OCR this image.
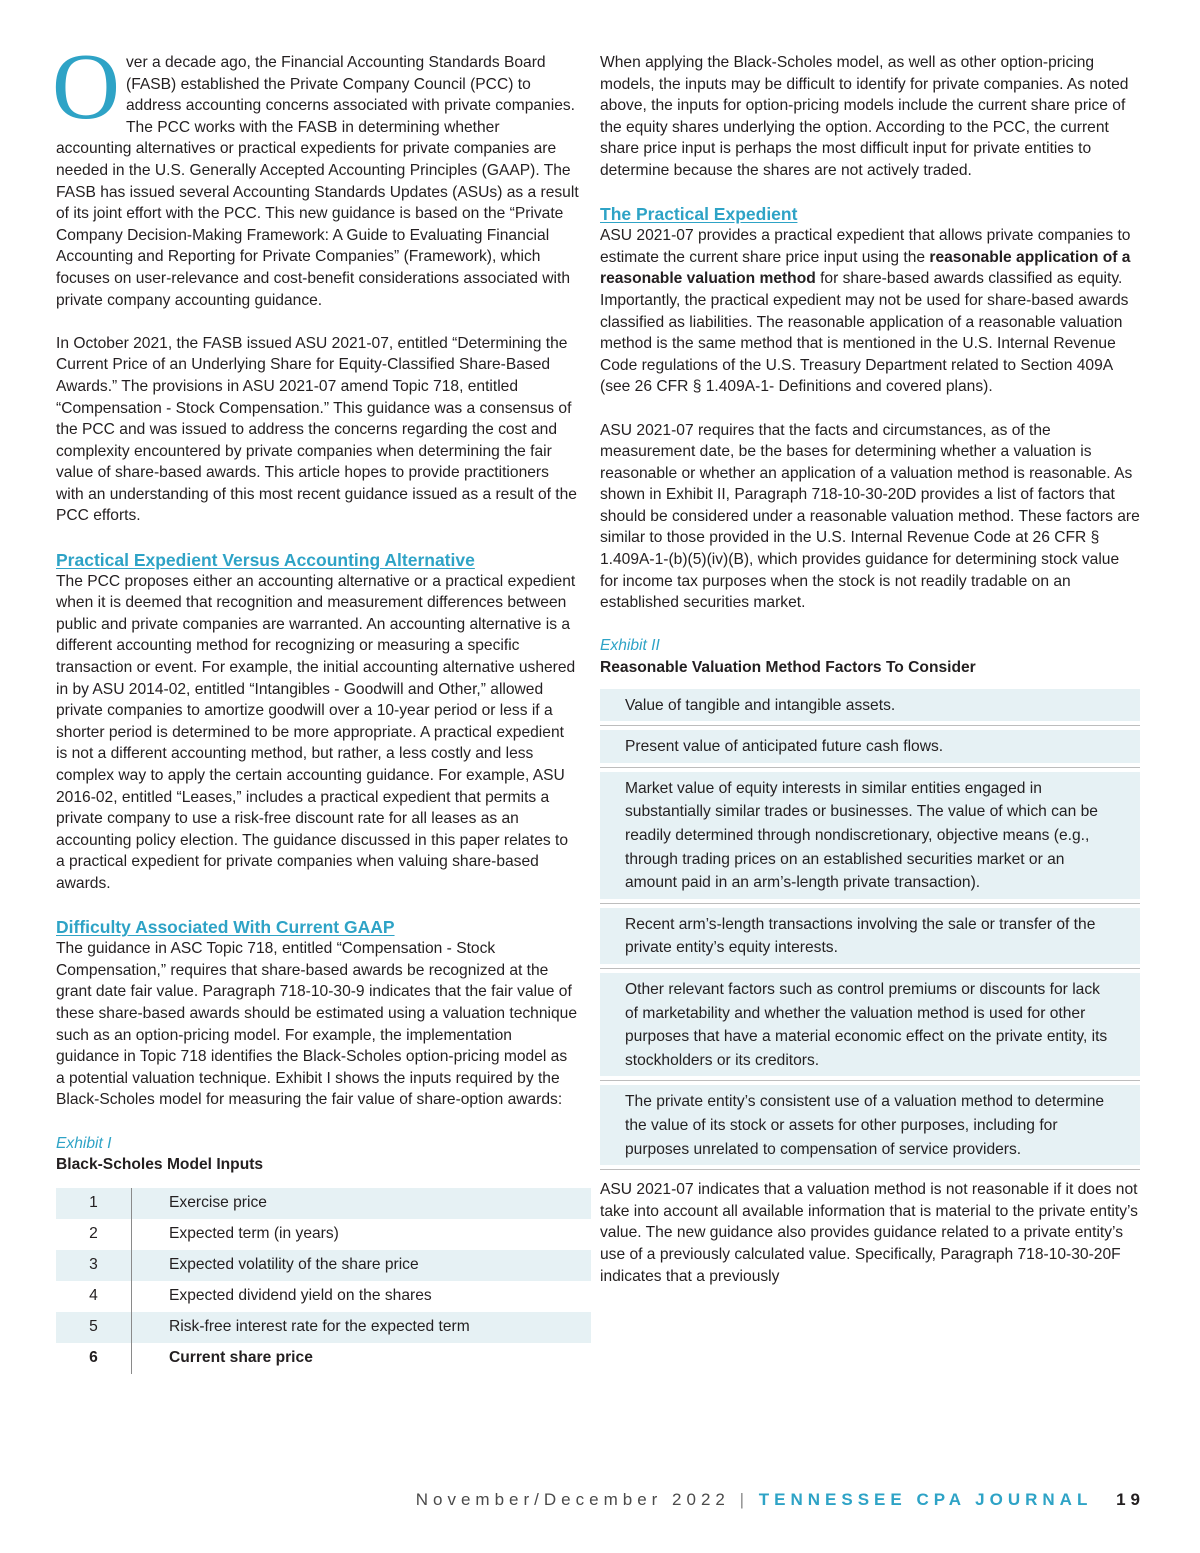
O ver a decade ago, the Financial Accounting Standards Board (FASB) established the Private Company Council (PCC) to address accounting concerns associated with private companies. The PCC works with the FASB in determining whether accounting alternatives or practical expedients for private companies are needed in the U.S. Generally Accepted Accounting Principles (GAAP). The FASB has issued several Accounting Standards Updates (ASUs) as a result of its joint effort with the PCC. This new guidance is based on the “Private Company Decision-Making Framework: A Guide to Evaluating Financial Accounting and Reporting for Private Companies” (Framework), which focuses on user-relevance and cost-benefit considerations associated with private company accounting guidance.

In October 2021, the FASB issued ASU 2021-07, entitled “Determining the Current Price of an Underlying Share for Equity-Classified Share-Based Awards.” The provisions in ASU 2021-07 amend Topic 718, entitled “Compensation - Stock Compensation.” This guidance was a consensus of the PCC and was issued to address the concerns regarding the cost and complexity encountered by private companies when determining the fair value of share-based awards. This article hopes to provide practitioners with an understanding of this most recent guidance issued as a result of the PCC efforts.

Practical Expedient Versus Accounting Alternative

The PCC proposes either an accounting alternative or a practical expedient when it is deemed that recognition and measurement differences between public and private companies are warranted. An accounting alternative is a different accounting method for recognizing or measuring a specific transaction or event. For example, the initial accounting alternative ushered in by ASU 2014-02, entitled “Intangibles - Goodwill and Other,” allowed private companies to amortize goodwill over a 10-year period or less if a shorter period is determined to be more appropriate. A practical expedient is not a different accounting method, but rather, a less costly and less complex way to apply the certain accounting guidance. For example, ASU 2016-02, entitled “Leases,” includes a practical expedient that permits a private company to use a risk-free discount rate for all leases as an accounting policy election. The guidance discussed in this paper relates to a practical expedient for private companies when valuing share-based awards.

Difficulty Associated With Current GAAP

The guidance in ASC Topic 718, entitled “Compensation - Stock Compensation,” requires that share-based awards be recognized at the grant date fair value. Paragraph 718-10-30-9 indicates that the fair value of these share-based awards should be estimated using a valuation technique such as an option-pricing model. For example, the implementation guidance in Topic 718 identifies the Black-Scholes option-pricing model as a potential valuation technique. Exhibit I shows the inputs required by the Black-Scholes model for measuring the fair value of share-option awards:

Exhibit I
Black-Scholes Model Inputs
1	Exercise price
2	Expected term (in years)
3	Expected volatility of the share price
4	Expected dividend yield on the shares
5	Risk-free interest rate for the expected term
6	Current share price

When applying the Black-Scholes model, as well as other option-pricing models, the inputs may be difficult to identify for private companies. As noted above, the inputs for option-pricing models include the current share price of the equity shares underlying the option. According to the PCC, the current share price input is perhaps the most difficult input for private entities to determine because the shares are not actively traded.

The Practical Expedient

ASU 2021-07 provides a practical expedient that allows private companies to estimate the current share price input using the reasonable application of a reasonable valuation method for share-based awards classified as equity. Importantly, the practical expedient may not be used for share-based awards classified as liabilities. The reasonable application of a reasonable valuation method is the same method that is mentioned in the U.S. Internal Revenue Code regulations of the U.S. Treasury Department related to Section 409A (see 26 CFR § 1.409A-1- Definitions and covered plans).

ASU 2021-07 requires that the facts and circumstances, as of the measurement date, be the bases for determining whether a valuation is reasonable or whether an application of a valuation method is reasonable. As shown in Exhibit II, Paragraph 718-10-30-20D provides a list of factors that should be considered under a reasonable valuation method. These factors are similar to those provided in the U.S. Internal Revenue Code at 26 CFR § 1.409A-1-(b)(5)(iv)(B), which provides guidance for determining stock value for income tax purposes when the stock is not readily tradable on an established securities market.

Exhibit II
Reasonable Valuation Method Factors To Consider
Value of tangible and intangible assets.
Present value of anticipated future cash flows.
Market value of equity interests in similar entities engaged in substantially similar trades or businesses. The value of which can be readily determined through nondiscretionary, objective means (e.g., through trading prices on an established securities market or an amount paid in an arm’s-length private transaction).
Recent arm’s-length transactions involving the sale or transfer of the private entity’s equity interests.
Other relevant factors such as control premiums or discounts for lack of marketability and whether the valuation method is used for other purposes that have a material economic effect on the private entity, its stockholders or its creditors.
The private entity’s consistent use of a valuation method to determine the value of its stock or assets for other purposes, including for purposes unrelated to compensation of service providers.

ASU 2021-07 indicates that a valuation method is not reasonable if it does not take into account all available information that is material to the private entity’s value. The new guidance also provides guidance related to a private entity’s use of a previously calculated value. Specifically, Paragraph 718-10-30-20F indicates that a previously

November/December 2022 | TENNESSEE CPA JOURNAL 19
